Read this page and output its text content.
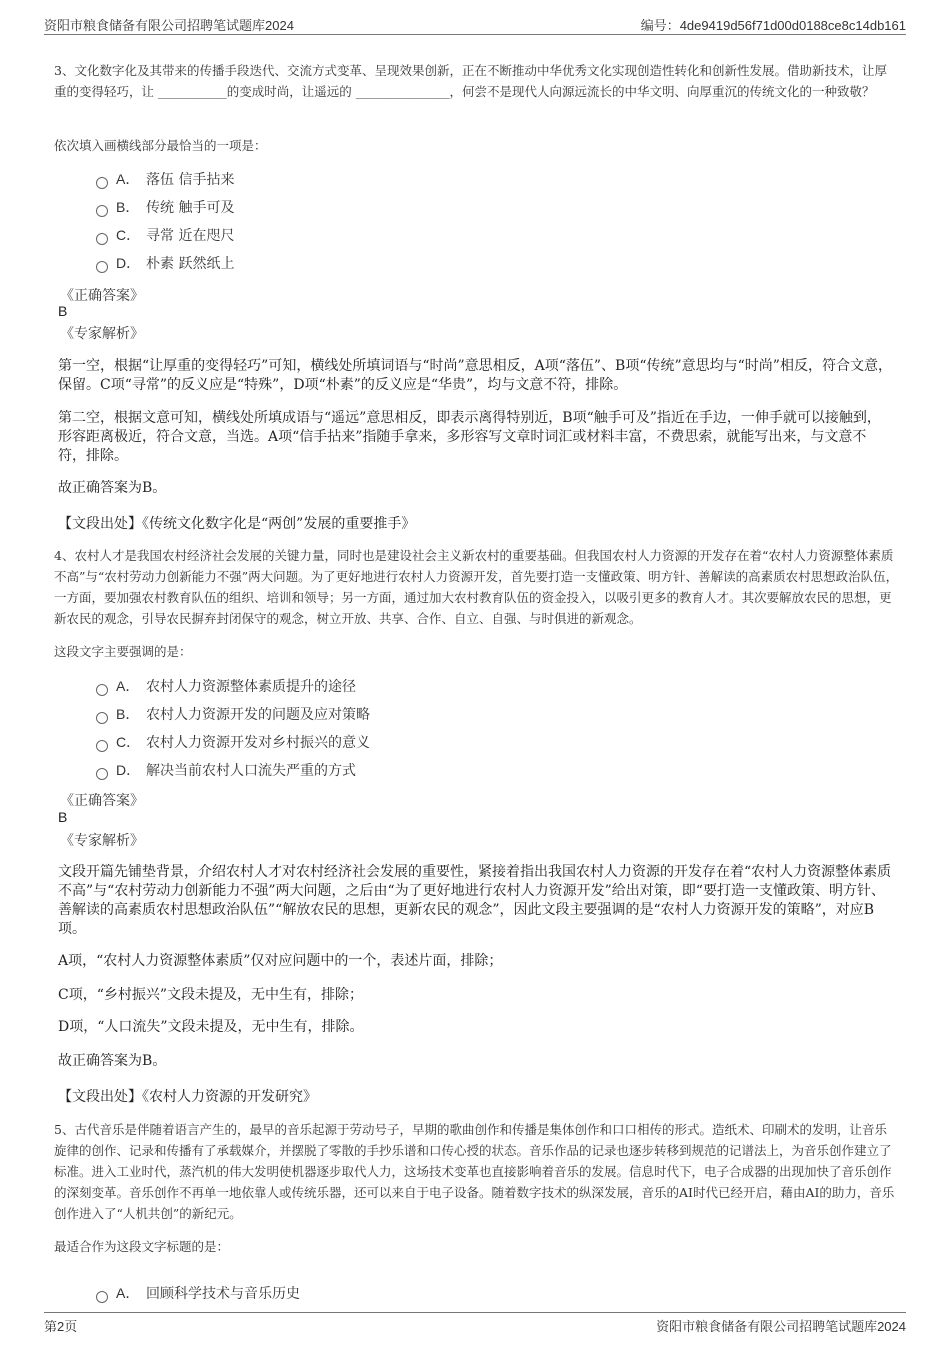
资阳市粮食储备有限公司招聘笔试题库2024	编号：4de9419d56f71d00d0188ce8c14db161
3、文化数字化及其带来的传播手段迭代、交流方式变革、呈现效果创新，正在不断推动中华优秀文化实现创造性转化和创新性发展。借助新技术，让厚重的变得轻巧，让 ___________的变成时尚，让遥远的 _______________，何尝不是现代人向源远流长的中华文明、向厚重沉的传统文化的一种致敬？
依次填入画横线部分最恰当的一项是：
A． 落伍 信手拈来
B． 传统 触手可及
C． 寻常 近在咫尺
D． 朴素 跃然纸上
《正确答案》
B
《专家解析》
第一空，根据“让厚重的变得轻巧”可知，横线处所填词语与“时尚”意思相反，A项“落伍”、B项“传统”意思均与“时尚”相反，符合文意，保留。C项“寻常”的反义应是“特殊”，D项“朴素”的反义应是“华贵”，均与文意不符，排除。
第二空，根据文意可知，横线处所填成语与“遥远”意思相反，即表示离得特别近，B项“触手可及”指近在手边，一伸手就可以接触到，形容距离极近，符合文意，当选。A项“信手拈来”指随手拿来，多形容写文章时词汇或材料丰富，不费思索，就能写出来，与文意不符，排除。
故正确答案为B。
【文段出处】《传统文化数字化是“两创”发展的重要推手》
4、农村人才是我国农村经济社会发展的关键力量，同时也是建设社会主义新农村的重要基础。但我国农村人力资源的开发存在着“农村人力资源整体素质不高”与“农村劳动力创新能力不强”两大问题。为了更好地进行农村人力资源开发，首先要打造一支懂政策、明方针、善解读的高素质农村思想政治队伍，一方面，要加强农村教育队伍的组织、培训和领导；另一方面，通过加大农村教育队伍的资金投入，以吸引更多的教育人才。其次要解放农民的思想，更新农民的观念，引导农民摒弃封闭保守的观念，树立开放、共享、合作、自立、自强、与时俱进的新观念。
这段文字主要强调的是：
A． 农村人力资源整体素质提升的途径
B． 农村人力资源开发的问题及应对策略
C． 农村人力资源开发对乡村振兴的意义
D． 解决当前农村人口流失严重的方式
《正确答案》
B
《专家解析》
文段开篇先铺垫背景，介绍农村人才对农村经济社会发展的重要性，紧接着指出我国农村人力资源的开发存在着“农村人力资源整体素质不高”与“农村劳动力创新能力不强”两大问题，之后由“为了更好地进行农村人力资源开发”给出对策，即“要打造一支懂政策、明方针、善解读的高素质农村思想政治队伍”“解放农民的思想，更新农民的观念”，因此文段主要强调的是“农村人力资源开发的策略”，对应B项。
A项，“农村人力资源整体素质”仅对应问题中的一个，表述片面，排除；
C项，“乡村振兴”文段未提及，无中生有，排除；
D项，“人口流失”文段未提及，无中生有，排除。
故正确答案为B。
【文段出处】《农村人力资源的开发研究》
5、古代音乐是伴随着语言产生的，最早的音乐起源于劳动号子，早期的歌曲创作和传播是集体创作和口口相传的形式。造纸术、印刷术的发明，让音乐旋律的创作、记录和传播有了承载媒介，并摆脱了零散的手抄乐谱和口传心授的状态。音乐作品的记录也逐步转移到规范的记谱法上，为音乐创作建立了标准。进入工业时代，蒸汽机的伟大发明使机器逐步取代人力，这场技术变革也直接影响着音乐的发展。信息时代下，电子合成器的出现加快了音乐创作的深刻变革。音乐创作不再单一地依靠人或传统乐器，还可以来自于电子设备。随着数字技术的纵深发展，音乐的AI时代已经开启，藉由AI的助力，音乐创作进入了“人机共创”的新纪元。
最适合作为这段文字标题的是：
A． 回顾科学技术与音乐历史
第2页	资阳市粮食储备有限公司招聘笔试题库2024
